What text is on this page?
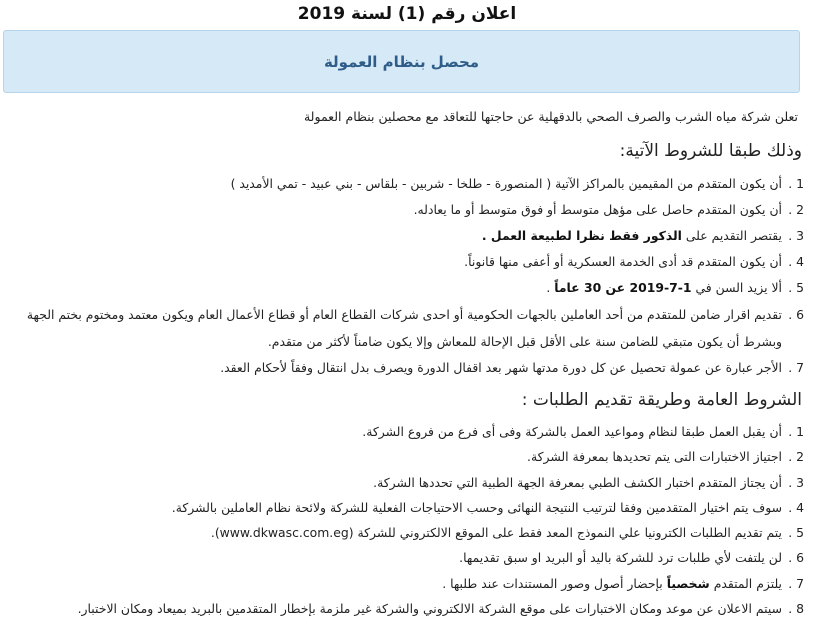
اعلان رقم (1) لسنة 2019
محصل بنظام العمولة
تعلن شركة مياه الشرب والصرف الصحي بالدقهلية عن حاجتها للتعاقد مع محصلين بنظام العمولة
وذلك طبقا للشروط الآتية:
. 1
أن يكون المتقدم من المقيمين بالمراكز الآتية ( المنصورة - طلخا - شربين - بلقاس - بني عبيد - تمي الأمديد )
. 2
أن يكون المتقدم حاصل على مؤهل متوسط أو فوق متوسط أو ما يعادله.
. 3
يقتصر التقديم على الذكور فقط نظرا لطبيعة العمل .
. 4
أن يكون المتقدم قد أدى الخدمة العسكرية أو أعفى منها قانوناً.
. 5
ألا يزيد السن في 1-7-2019 عن 30 عاماً .
. 6
تقديم اقرار ضامن للمتقدم من أحد العاملين بالجهات الحكومية أو احدى شركات القطاع العام أو قطاع الأعمال العام ويكون معتمد ومختوم بختم الجهة وبشرط أن يكون متبقي للضامن سنة على الأقل قبل الإحالة للمعاش وإلا يكون ضامناً لأكثر من متقدم.
. 7
الأجر عبارة عن عمولة تحصيل عن كل دورة مدتها شهر بعد اقفال الدورة ويصرف بدل انتقال وفقاً لأحكام العقد.
الشروط العامة وطريقة تقديم الطلبات :
. 1
أن يقبل العمل طبقا لنظام ومواعيد العمل بالشركة وفى أى فرع من فروع الشركة.
. 2
اجتياز الاختبارات التى يتم تحديدها بمعرفة الشركة.
. 3
أن يجتاز المتقدم اختبار الكشف الطبي بمعرفة الجهة الطبية التي تحددها الشركة.
. 4
سوف يتم اختيار المتقدمين وفقا لترتيب النتيجة النهائى وحسب الاحتياجات الفعلية للشركة ولائحة نظام العاملين بالشركة.
. 5
يتم تقديم الطلبات الكترونيا علي النموذج المعد فقط على الموقع الالكتروني للشركة (www.dkwasc.com.eg).
. 6
لن يلتفت لأي طلبات ترد للشركة باليد أو البريد او سبق تقديمها.
. 7
يلتزم المتقدم شخصياً بإحضار أصول وصور المستندات عند طلبها .
. 8
سيتم الاعلان عن موعد ومكان الاختبارات على موقع الشركة الالكتروني والشركة غير ملزمة بإخطار المتقدمين بالبريد بميعاد ومكان الاختبار.
